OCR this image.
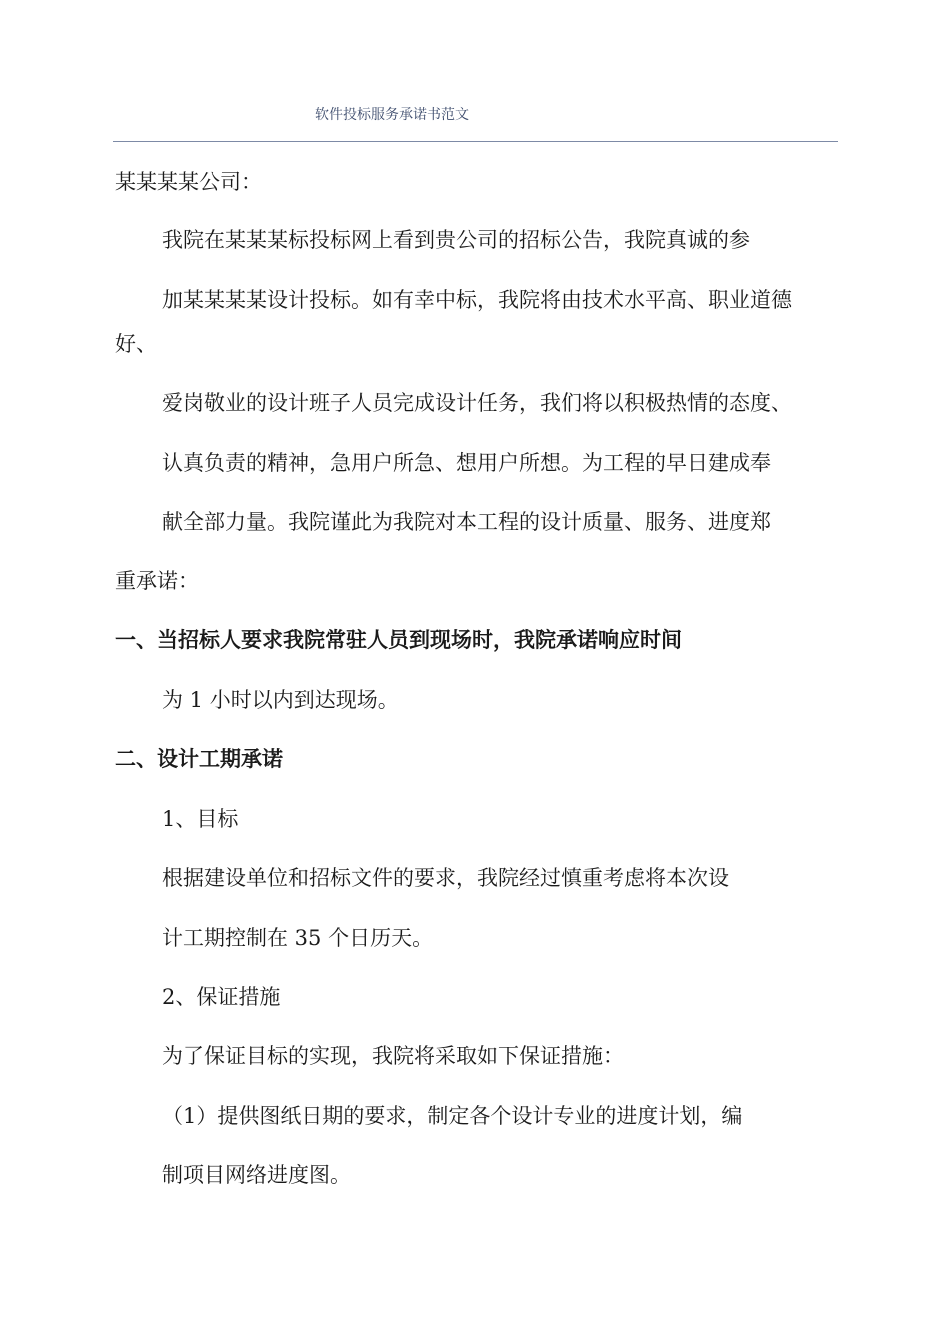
软件投标服务承诺书范文
某某某某公司：
我院在某某某标投标网上看到贵公司的招标公告，我院真诚的参
加某某某某设计投标。如有幸中标，我院将由技术水平高、职业道德
好、
爱岗敬业的设计班子人员完成设计任务，我们将以积极热情的态度、
认真负责的精神，急用户所急、想用户所想。为工程的早日建成奉
献全部力量。我院谨此为我院对本工程的设计质量、服务、进度郑
重承诺：
一、当招标人要求我院常驻人员到现场时，我院承诺响应时间
为 1 小时以内到达现场。
二、设计工期承诺
1、目标
根据建设单位和招标文件的要求，我院经过慎重考虑将本次设
计工期控制在 35 个日历天。
2、保证措施
为了保证目标的实现，我院将采取如下保证措施：
（1）提供图纸日期的要求，制定各个设计专业的进度计划，编
制项目网络进度图。
